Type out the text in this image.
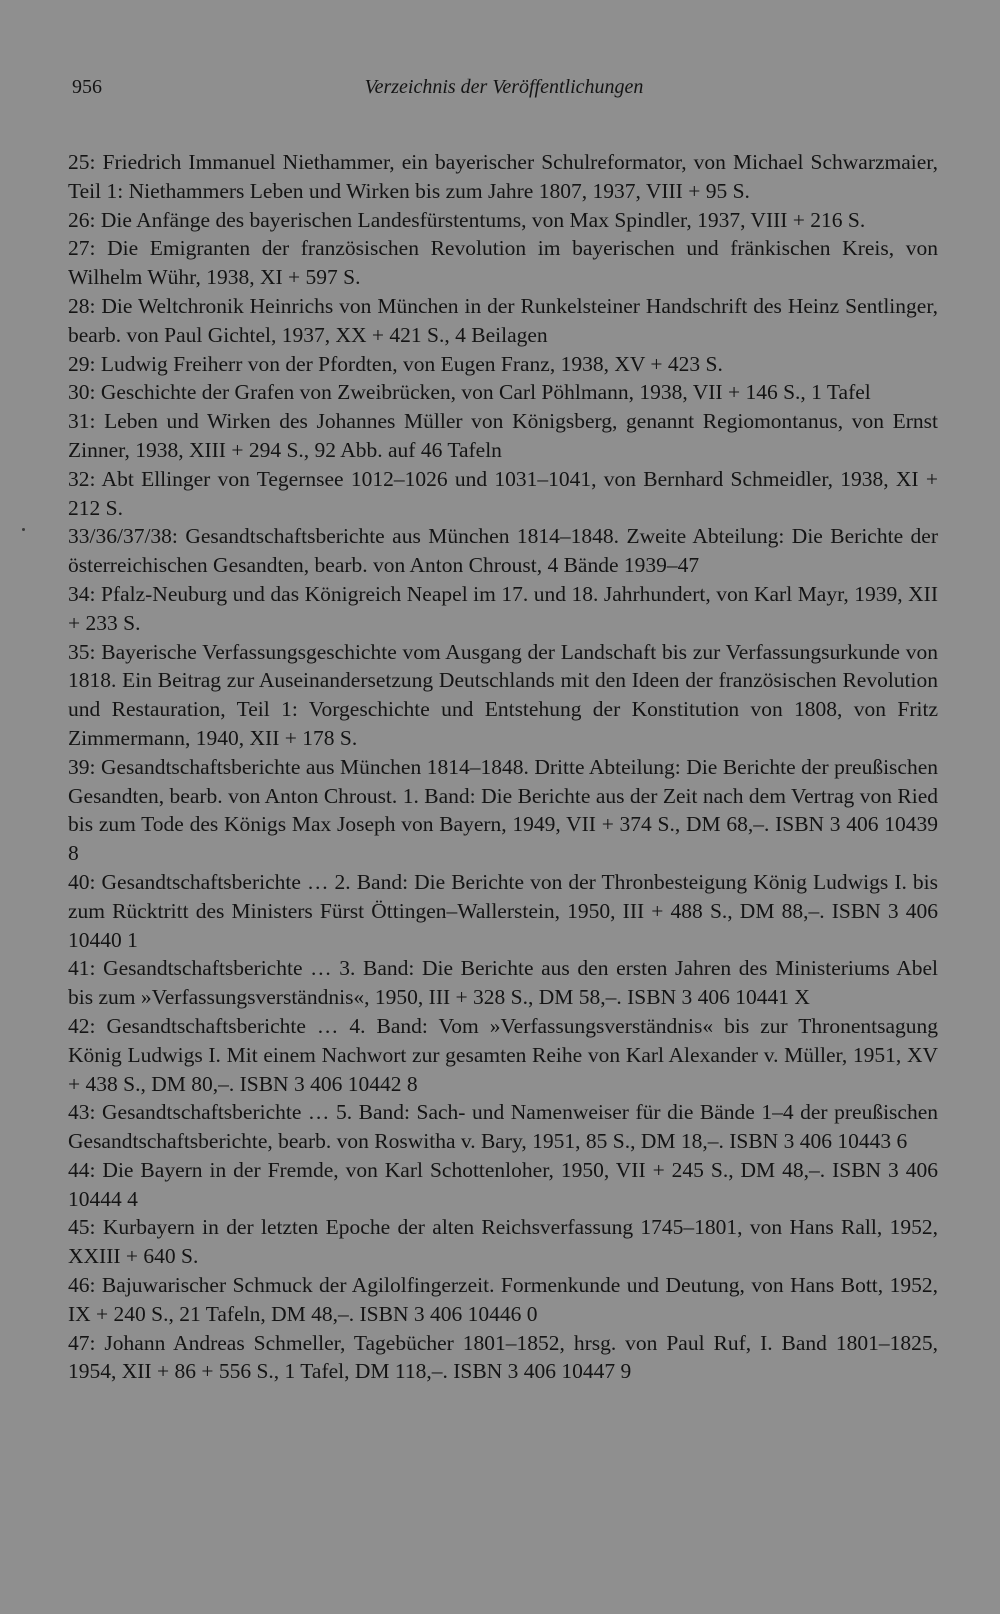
956	Verzeichnis der Veröffentlichungen
25: Friedrich Immanuel Niethammer, ein bayerischer Schulreformator, von Michael Schwarzmaier, Teil 1: Niethammers Leben und Wirken bis zum Jahre 1807, 1937, VIII + 95 S.
26: Die Anfänge des bayerischen Landesfürstentums, von Max Spindler, 1937, VIII + 216 S.
27: Die Emigranten der französischen Revolution im bayerischen und fränkischen Kreis, von Wilhelm Wühr, 1938, XI + 597 S.
28: Die Weltchronik Heinrichs von München in der Runkelsteiner Handschrift des Heinz Sentlinger, bearb. von Paul Gichtel, 1937, XX + 421 S., 4 Beilagen
29: Ludwig Freiherr von der Pfordten, von Eugen Franz, 1938, XV + 423 S.
30: Geschichte der Grafen von Zweibrücken, von Carl Pöhlmann, 1938, VII + 146 S., 1 Tafel
31: Leben und Wirken des Johannes Müller von Königsberg, genannt Regiomontanus, von Ernst Zinner, 1938, XIII + 294 S., 92 Abb. auf 46 Tafeln
32: Abt Ellinger von Tegernsee 1012–1026 und 1031–1041, von Bernhard Schmeidler, 1938, XI + 212 S.
33/36/37/38: Gesandtschaftsberichte aus München 1814–1848. Zweite Abteilung: Die Berichte der österreichischen Gesandten, bearb. von Anton Chroust, 4 Bände 1939–47
34: Pfalz-Neuburg und das Königreich Neapel im 17. und 18. Jahrhundert, von Karl Mayr, 1939, XII + 233 S.
35: Bayerische Verfassungsgeschichte vom Ausgang der Landschaft bis zur Verfassungsurkunde von 1818. Ein Beitrag zur Auseinandersetzung Deutschlands mit den Ideen der französischen Revolution und Restauration, Teil 1: Vorgeschichte und Entstehung der Konstitution von 1808, von Fritz Zimmermann, 1940, XII + 178 S.
39: Gesandtschaftsberichte aus München 1814–1848. Dritte Abteilung: Die Berichte der preußischen Gesandten, bearb. von Anton Chroust. 1. Band: Die Berichte aus der Zeit nach dem Vertrag von Ried bis zum Tode des Königs Max Joseph von Bayern, 1949, VII + 374 S., DM 68,–. ISBN 3 406 10439 8
40: Gesandtschaftsberichte … 2. Band: Die Berichte von der Thronbesteigung König Ludwigs I. bis zum Rücktritt des Ministers Fürst Öttingen–Wallerstein, 1950, III + 488 S., DM 88,–. ISBN 3 406 10440 1
41: Gesandtschaftsberichte … 3. Band: Die Berichte aus den ersten Jahren des Ministeriums Abel bis zum »Verfassungsverständnis«, 1950, III + 328 S., DM 58,–. ISBN 3 406 10441 X
42: Gesandtschaftsberichte … 4. Band: Vom »Verfassungsverständnis« bis zur Thronentsagung König Ludwigs I. Mit einem Nachwort zur gesamten Reihe von Karl Alexander v. Müller, 1951, XV + 438 S., DM 80,–. ISBN 3 406 10442 8
43: Gesandtschaftsberichte … 5. Band: Sach- und Namenweiser für die Bände 1–4 der preußischen Gesandtschaftsberichte, bearb. von Roswitha v. Bary, 1951, 85 S., DM 18,–. ISBN 3 406 10443 6
44: Die Bayern in der Fremde, von Karl Schottenloher, 1950, VII + 245 S., DM 48,–. ISBN 3 406 10444 4
45: Kurbayern in der letzten Epoche der alten Reichsverfassung 1745–1801, von Hans Rall, 1952, XXIII + 640 S.
46: Bajuwarischer Schmuck der Agilolfingerzeit. Formenkunde und Deutung, von Hans Bott, 1952, IX + 240 S., 21 Tafeln, DM 48,–. ISBN 3 406 10446 0
47: Johann Andreas Schmeller, Tagebücher 1801–1852, hrsg. von Paul Ruf, I. Band 1801–1825, 1954, XII + 86 + 556 S., 1 Tafel, DM 118,–. ISBN 3 406 10447 9
